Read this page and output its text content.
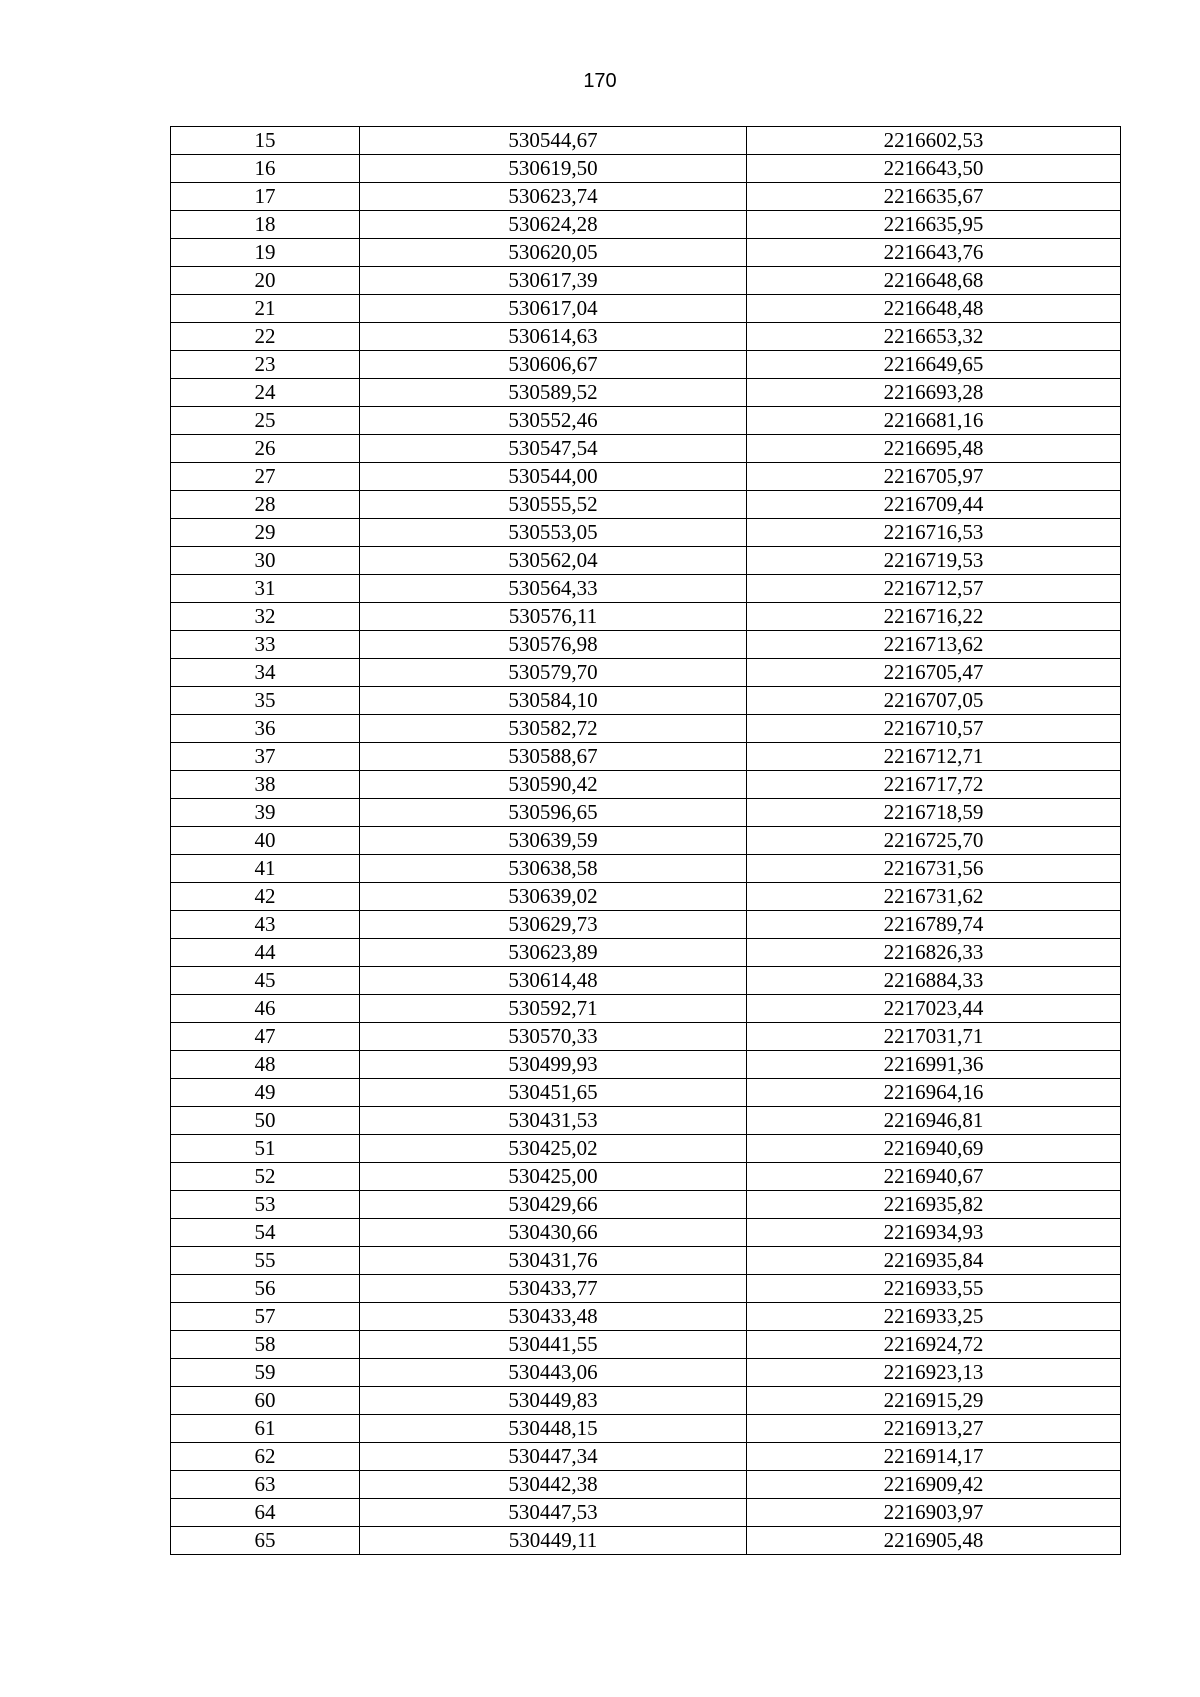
170
15	530544,67	2216602,53
16	530619,50	2216643,50
17	530623,74	2216635,67
18	530624,28	2216635,95
19	530620,05	2216643,76
20	530617,39	2216648,68
21	530617,04	2216648,48
22	530614,63	2216653,32
23	530606,67	2216649,65
24	530589,52	2216693,28
25	530552,46	2216681,16
26	530547,54	2216695,48
27	530544,00	2216705,97
28	530555,52	2216709,44
29	530553,05	2216716,53
30	530562,04	2216719,53
31	530564,33	2216712,57
32	530576,11	2216716,22
33	530576,98	2216713,62
34	530579,70	2216705,47
35	530584,10	2216707,05
36	530582,72	2216710,57
37	530588,67	2216712,71
38	530590,42	2216717,72
39	530596,65	2216718,59
40	530639,59	2216725,70
41	530638,58	2216731,56
42	530639,02	2216731,62
43	530629,73	2216789,74
44	530623,89	2216826,33
45	530614,48	2216884,33
46	530592,71	2217023,44
47	530570,33	2217031,71
48	530499,93	2216991,36
49	530451,65	2216964,16
50	530431,53	2216946,81
51	530425,02	2216940,69
52	530425,00	2216940,67
53	530429,66	2216935,82
54	530430,66	2216934,93
55	530431,76	2216935,84
56	530433,77	2216933,55
57	530433,48	2216933,25
58	530441,55	2216924,72
59	530443,06	2216923,13
60	530449,83	2216915,29
61	530448,15	2216913,27
62	530447,34	2216914,17
63	530442,38	2216909,42
64	530447,53	2216903,97
65	530449,11	2216905,48
